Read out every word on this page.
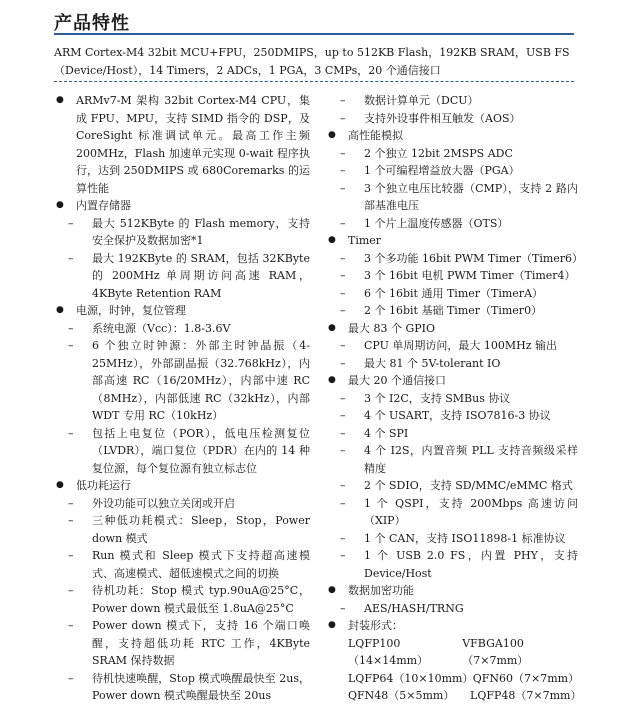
产品特性
ARM Cortex-M4 32bit MCU+FPU，250DMIPS，up to 512KB Flash，192KB SRAM，USB FS（Device/Host），14 Timers，2 ADCs，1 PGA，3 CMPs，20 个通信接口
● ARMv7-M 架构 32bit Cortex-M4 CPU，集成 FPU、MPU，支持 SIMD 指令的 DSP，及 CoreSight 标准调试单元。最高工作主频 200MHz，Flash 加速单元实现 0-wait 程序执行，达到 250DMIPS 或 680Coremarks 的运算性能
● 内置存储器
– 最大 512KByte 的 Flash memory，支持安全保护及数据加密*1
– 最大 192KByte 的 SRAM，包括 32KByte 的 200MHz 单周期访问高速 RAM，4KByte Retention RAM
● 电源，时钟，复位管理
– 系统电源（Vcc）：1.8-3.6V
– 6 个独立时钟源：外部主时钟晶振（4-25MHz），外部副晶振（32.768kHz），内部高速 RC（16/20MHz），内部中速 RC（8MHz），内部低速 RC（32kHz），内部 WDT 专用 RC（10kHz）
– 包括上电复位（POR），低电压检测复位（LVDR），端口复位（PDR）在内的 14 种复位源，每个复位源有独立标志位
● 低功耗运行
– 外设功能可以独立关闭或开启
– 三种低功耗模式：Sleep，Stop，Power down 模式
– Run 模式和 Sleep 模式下支持超高速模式、高速模式、超低速模式之间的切换
– 待机功耗：Stop 模式 typ.90uA@25°C，Power down 模式最低至 1.8uA@25°C
– Power down 模式下，支持 16 个端口唤醒，支持超低功耗 RTC 工作，4KByte SRAM 保持数据
– 待机快速唤醒，Stop 模式唤醒最快至 2us，Power down 模式唤醒最快至 20us
– 数据计算单元（DCU）
– 支持外设事件相互触发（AOS）
● 高性能模拟
– 2 个独立 12bit 2MSPS ADC
– 1 个可编程增益放大器（PGA）
– 3 个独立电压比较器（CMP），支持 2 路内部基准电压
– 1 个片上温度传感器（OTS）
● Timer
– 3 个多功能 16bit PWM Timer（Timer6）
– 3 个 16bit 电机 PWM Timer（Timer4）
– 6 个 16bit 通用 Timer（TimerA）
– 2 个 16bit 基础 Timer（Timer0）
● 最大 83 个 GPIO
– CPU 单周期访问，最大 100MHz 输出
– 最大 81 个 5V-tolerant IO
● 最大 20 个通信接口
– 3 个 I2C，支持 SMBus 协议
– 4 个 USART，支持 ISO7816-3 协议
– 4 个 SPI
– 4 个 I2S，内置音频 PLL 支持音频级采样精度
– 2 个 SDIO，支持 SD/MMC/eMMC 格式
– 1 个 QSPI，支持 200Mbps 高速访问（XIP）
– 1 个 CAN，支持 ISO11898-1 标准协议
– 1 个 USB 2.0 FS，内置 PHY，支持 Device/Host
● 数据加密功能
– AES/HASH/TRNG
● 封装形式：
LQFP100（14×14mm）
VFBGA100（7×7mm）
LQFP64（10×10mm） QFN60（7×7mm）
QFN48（5×5mm）	LQFP48（7×7mm）
